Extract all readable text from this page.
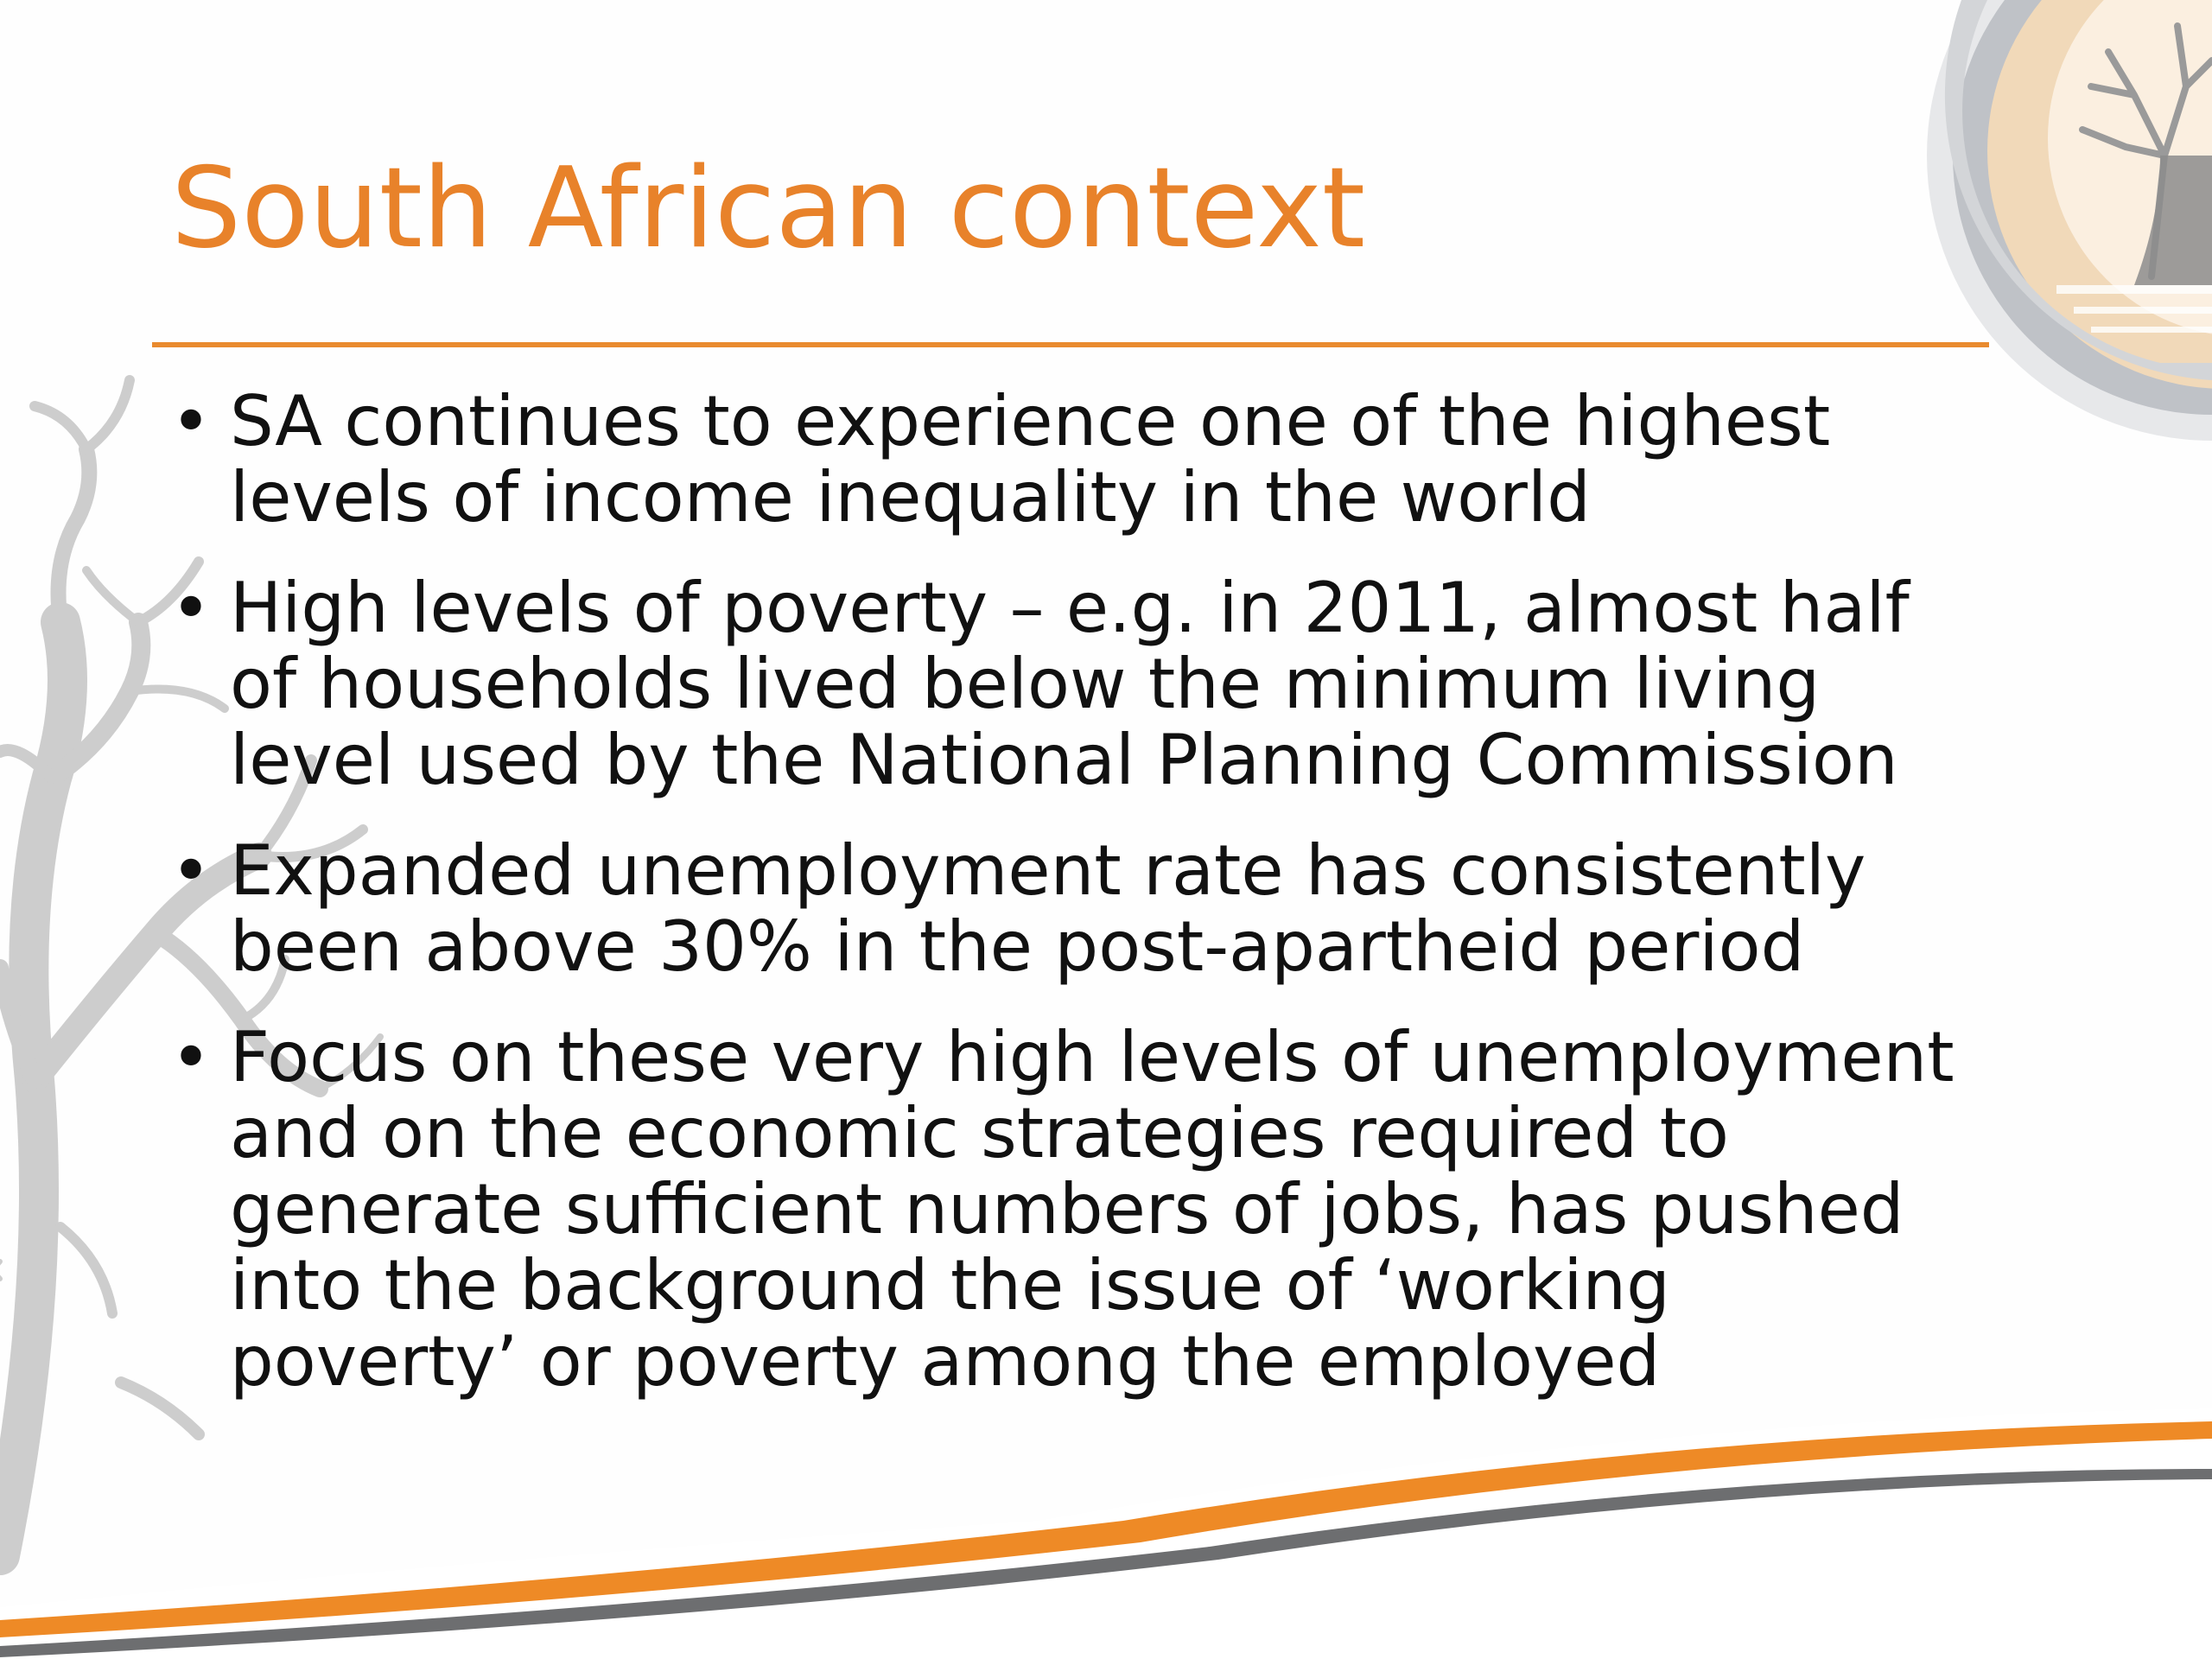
South African context
• SA continues to experience one of the highest
levels of income inequality in the world
• High levels of poverty – e.g. in 2011, almost half
of households lived below the minimum living
level used by the National Planning Commission
• Expanded unemployment rate has consistently
been above 30% in the post-apartheid period
• Focus on these very high levels of unemployment
and on the economic strategies required to
generate sufficient numbers of jobs, has pushed
into the background the issue of ‘working
poverty’ or poverty among the employed
